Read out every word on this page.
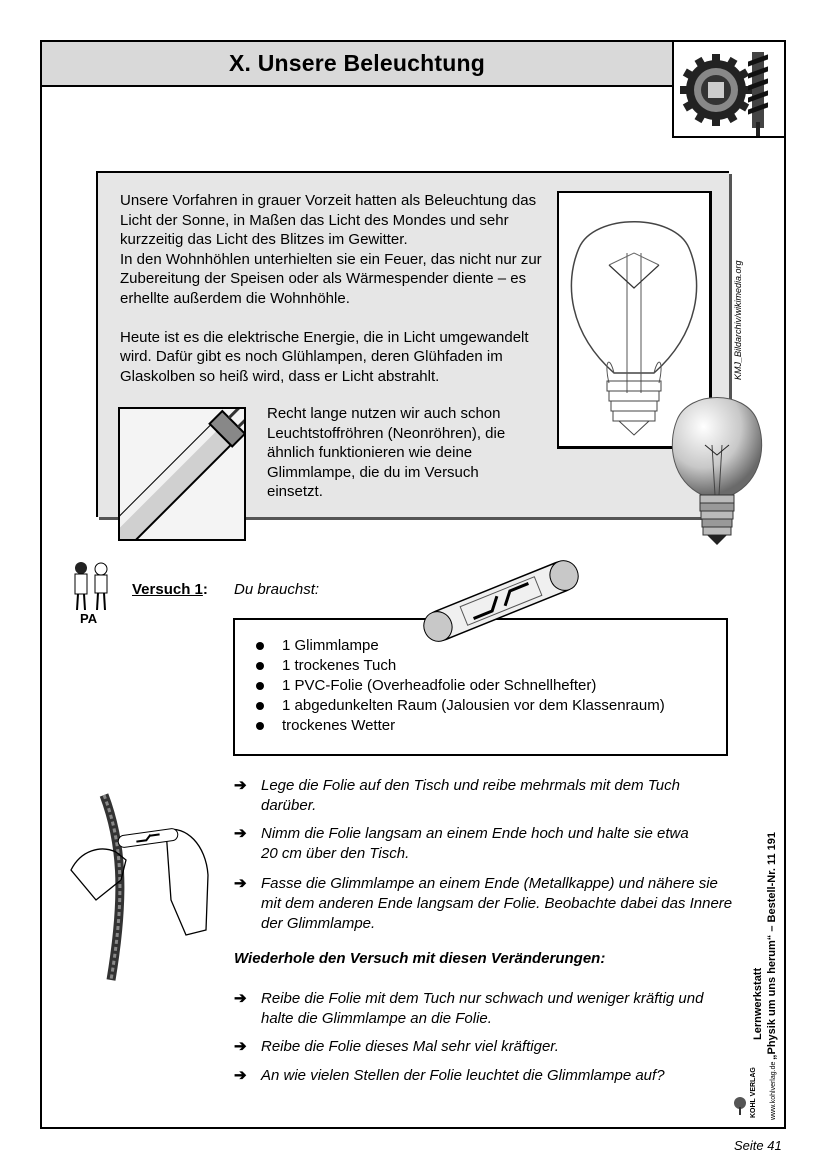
X. Unsere Beleuchtung

Unsere Vorfahren in grauer Vorzeit hatten als Beleuchtung das Licht der Sonne, in Maßen das Licht des Mondes und sehr kurzzeitig das Licht des Blitzes im Gewitter.
In den Wohnhöhlen unterhielten sie ein Feuer, das nicht nur zur Zubereitung der Speisen oder als Wärmespender diente – es erhellte außerdem die Wohnhöhle.

Heute ist es die elektrische Energie, die in Licht umgewandelt wird. Dafür gibt es noch Glühlampen, deren Glühfaden im Glaskolben so heiß wird, dass er Licht abstrahlt.

Recht lange nutzen wir auch schon Leuchtstoffröhren (Neonröhren), die ähnlich funktionieren wie deine Glimmlampe, die du im Versuch einsetzt.
KMJ_Bildarchiv/wikimedia.org
PA
Versuch 1: Du brauchst:
1 Glimmlampe
1 trockenes Tuch
1 PVC-Folie (Overheadfolie oder Schnellhefter)
1 abgedunkelten Raum (Jalousien vor dem Klassenraum)
trockenes Wetter
➔ Lege die Folie auf den Tisch und reibe mehrmals mit dem Tuch darüber.
➔ Nimm die Folie langsam an einem Ende hoch und halte sie etwa 20 cm über den Tisch.
➔ Fasse die Glimmlampe an einem Ende (Metallkappe) und nähere sie mit dem anderen Ende langsam der Folie. Beobachte dabei das Innere der Glimmlampe.
Wiederhole den Versuch mit diesen Veränderungen:
➔ Reibe die Folie mit dem Tuch nur schwach und weniger kräftig und halte die Glimmlampe an die Folie.
➔ Reibe die Folie dieses Mal sehr viel kräftiger.
➔ An wie vielen Stellen der Folie leuchtet die Glimmlampe auf?
Lernwerkstatt „Physik um uns herum“ – Bestell-Nr. 11 191
www.kohlverlag.de
KOHL VERLAG
Seite 41
